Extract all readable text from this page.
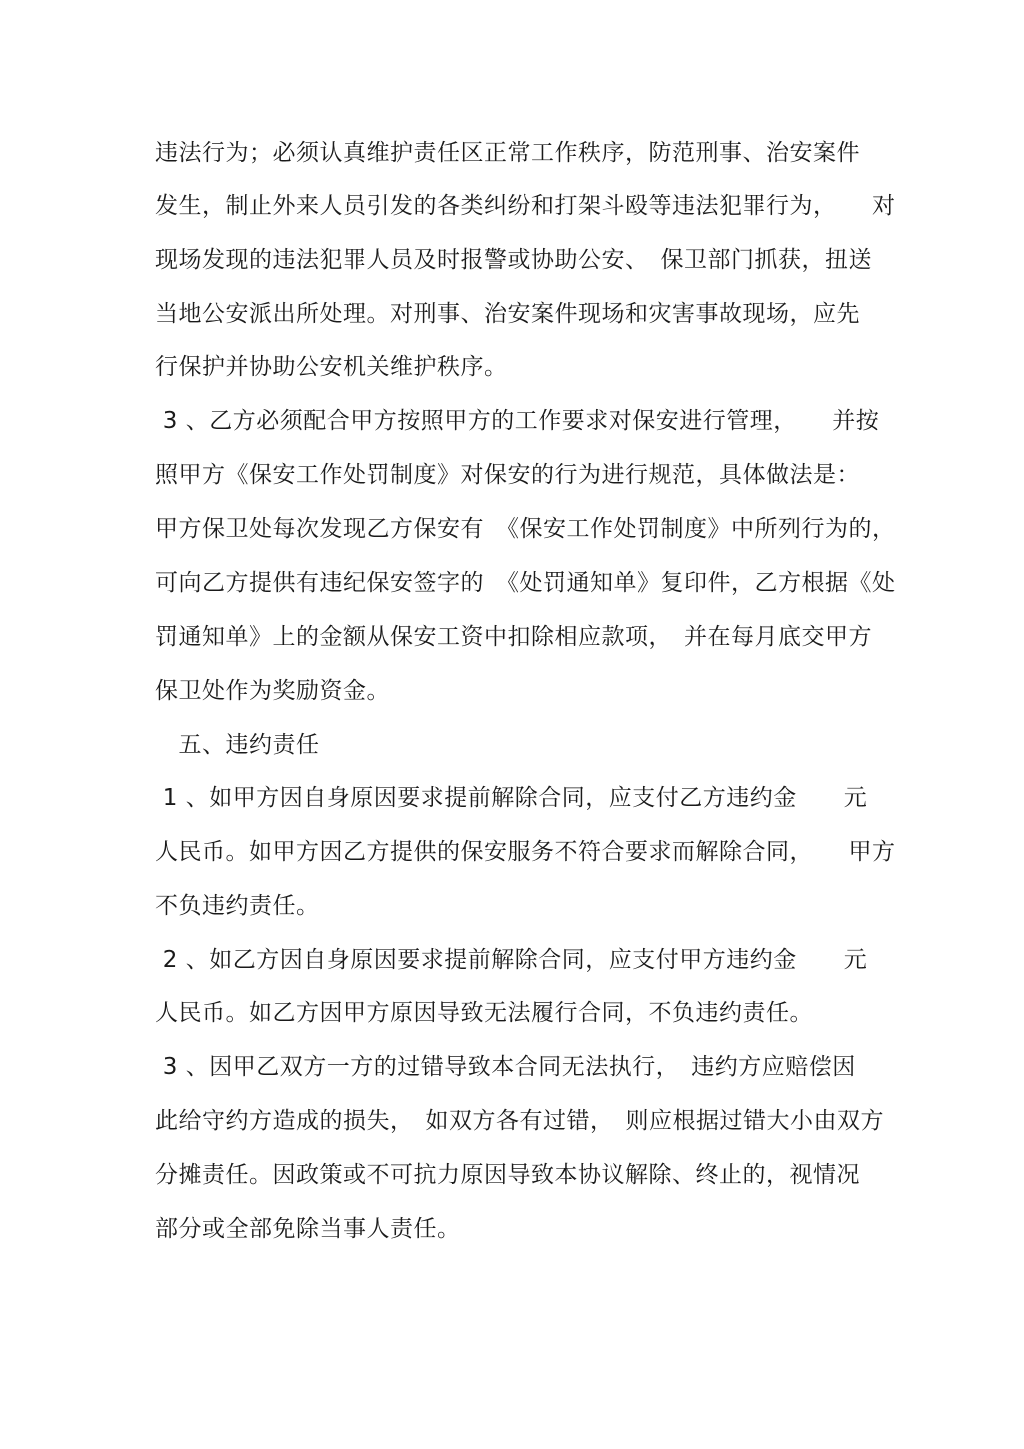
违法行为；必须认真维护责任区正常工作秩序，防范刑事、治安案件
发生，制止外来人员引发的各类纠纷和打架斗殴等违法犯罪行为，　　对
现场发现的违法犯罪人员及时报警或协助公安、　保卫部门抓获，扭送
当地公安派出所处理。对刑事、治安案件现场和灾害事故现场，应先
行保护并协助公安机关维护秩序。
3 、乙方必须配合甲方按照甲方的工作要求对保安进行管理，　　并按
照甲方《保安工作处罚制度》对保安的行为进行规范，具体做法是：
甲方保卫处每次发现乙方保安有　《保安工作处罚制度》中所列行为的，
可向乙方提供有违纪保安签字的　《处罚通知单》复印件，乙方根据《处
罚通知单》上的金额从保安工资中扣除相应款项，　并在每月底交甲方
保卫处作为奖励资金。
　五、违约责任
1 、如甲方因自身原因要求提前解除合同，应支付乙方违约金　　元
人民币。如甲方因乙方提供的保安服务不符合要求而解除合同，　　甲方
不负违约责任。
2 、如乙方因自身原因要求提前解除合同，应支付甲方违约金　　元
人民币。如乙方因甲方原因导致无法履行合同，不负违约责任。
3 、因甲乙双方一方的过错导致本合同无法执行，　违约方应赔偿因
此给守约方造成的损失，　如双方各有过错，　则应根据过错大小由双方
分摊责任。因政策或不可抗力原因导致本协议解除、终止的，视情况
部分或全部免除当事人责任。
